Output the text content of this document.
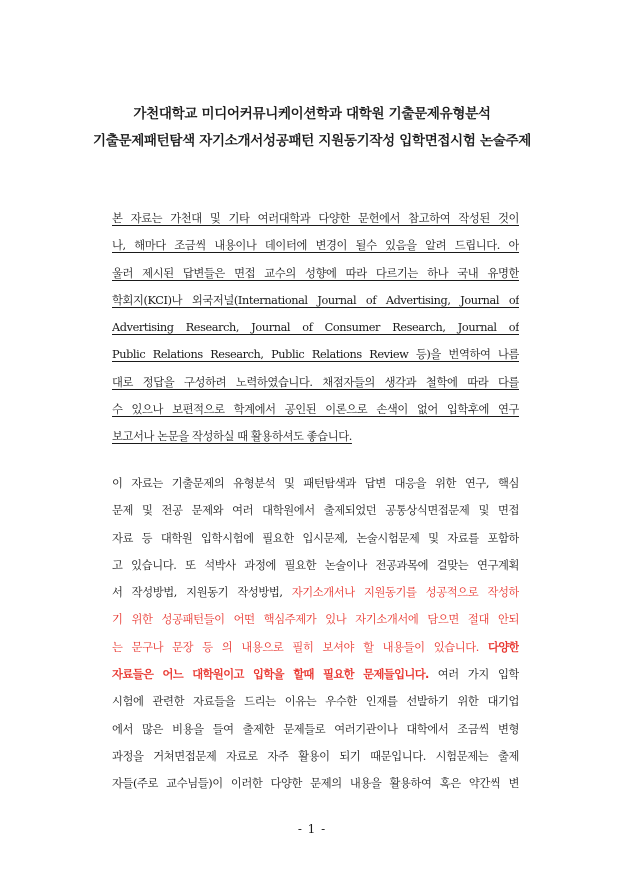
가천대학교 미디어커뮤니케이션학과 대학원 기출문제유형분석
기출문제패턴탐색 자기소개서성공패턴 지원동기작성 입학면접시험 논술주제
본 자료는 가천대 및 기타 여러대학과 다양한 문헌에서 참고하여 작성된 것이
나, 해마다 조금씩 내용이나 데이터에 변경이 될수 있음을 알려 드립니다. 아
울러 제시된 답변들은 면접 교수의 성향에 따라 다르기는 하나 국내 유명한
학회지(KCI)나 외국저널(International Journal of Advertising, Journal of
Advertising Research, Journal of Consumer Research, Journal of
Public Relations Research, Public Relations Review 등)을 번역하여 나름
대로 정답을 구성하려 노력하였습니다. 채점자들의 생각과 철학에 따라 다를
수 있으나 보편적으로 학계에서 공인된 이론으로 손색이 없어 입학후에 연구
보고서나 논문을 작성하실 때 활용하셔도 좋습니다.
이 자료는 기출문제의 유형분석 및 패턴탐색과 답변 대응을 위한 연구, 핵심
문제 및 전공 문제와 여러 대학원에서 출제되었던 공통상식면접문제 및 면접
자료 등 대학원 입학시험에 필요한 입시문제, 논술시험문제 및 자료를 포함하
고 있습니다. 또 석박사 과정에 필요한 논술이나 전공과목에 걸맞는 연구계획
서 작성방법, 지원동기 작성방법, 자기소개서나 지원동기를 성공적으로 작성하
기 위한 성공패턴들이 어떤 핵심주제가 있나 자기소개서에 담으면 절대 안되
는 문구나 문장 등 의 내용으로 필히 보셔야 할 내용들이 있습니다. 다양한
자료들은 어느 대학원이고 입학을 할때 필요한 문제들입니다. 여러 가지 입학
시험에 관련한 자료들을 드리는 이유는 우수한 인재를 선발하기 위한 대기업
에서 많은 비용을 들여 출제한 문제들로 여러기관이나 대학에서 조금씩 변형
과정을 거쳐면접문제 자료로 자주 활용이 되기 때문입니다. 시험문제는 출제
자들(주로 교수님들)이 이러한 다양한 문제의 내용을 활용하여 혹은 약간씩 변
- 1 -
